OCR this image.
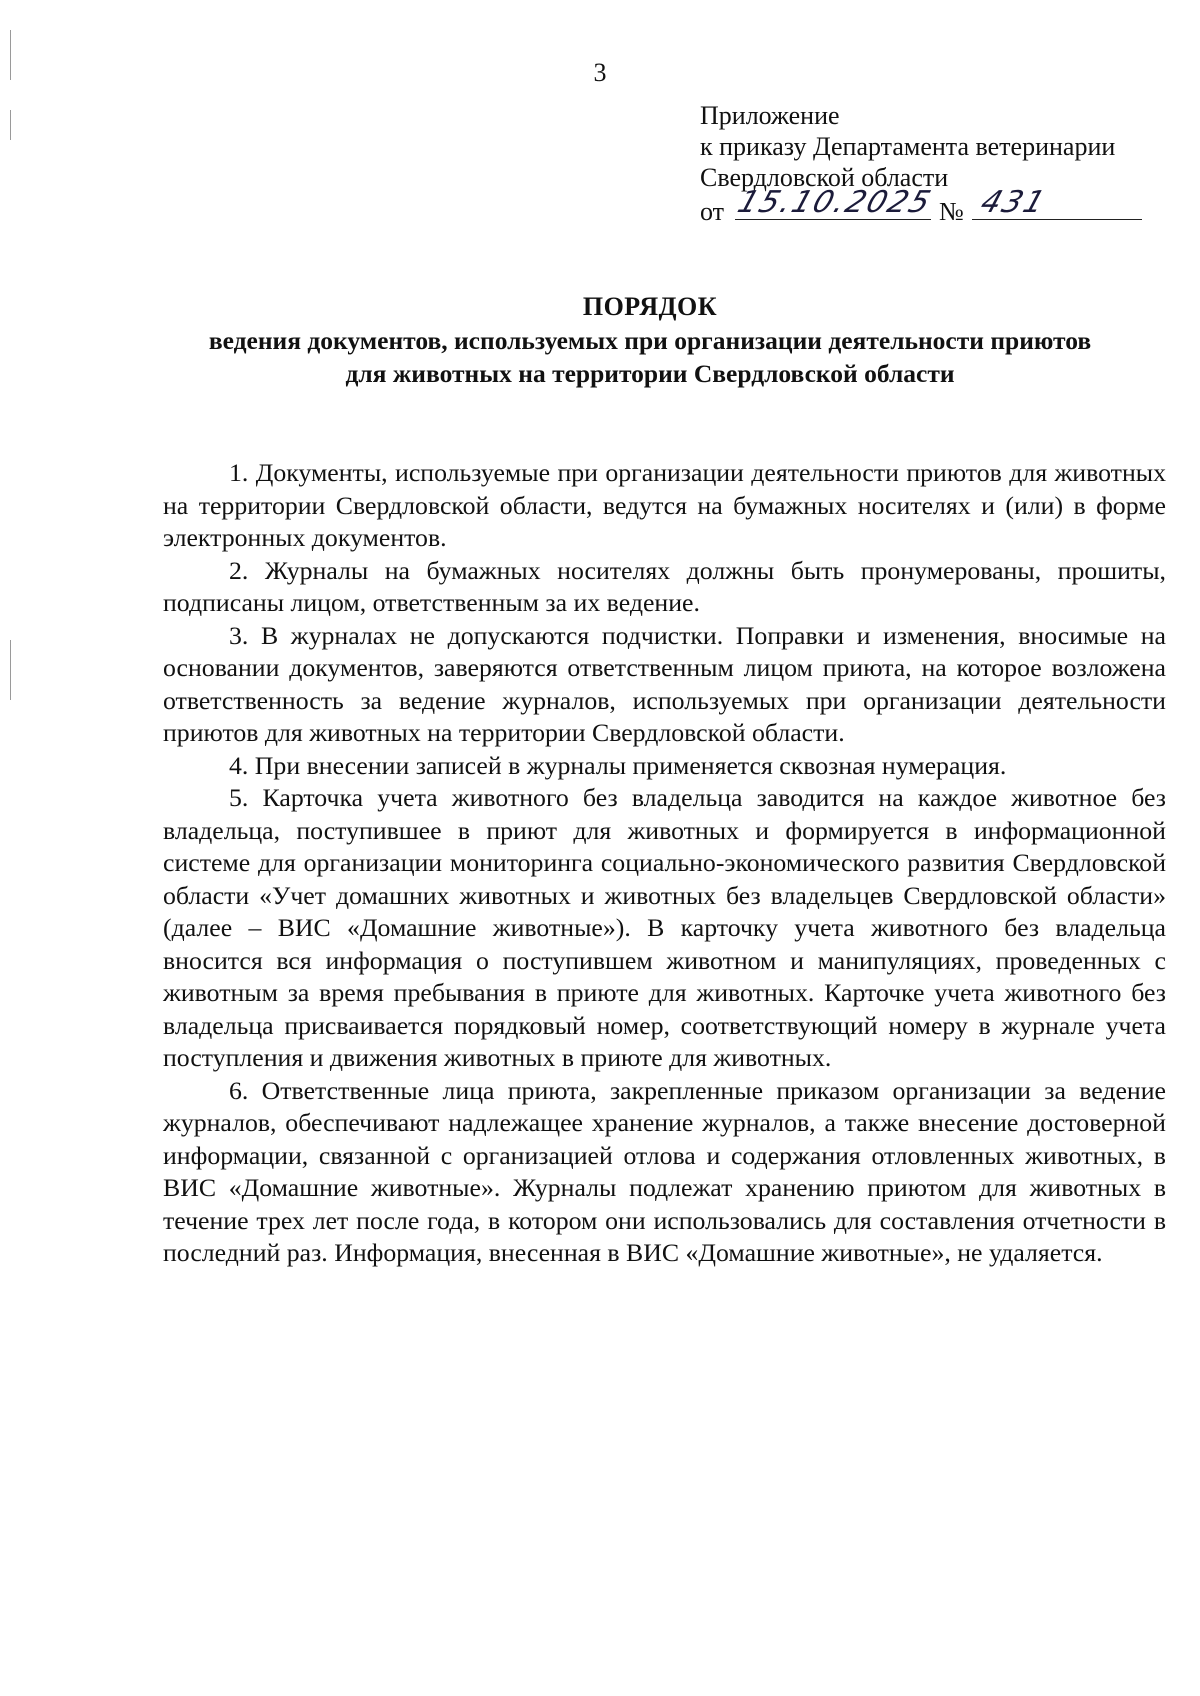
3
Приложение
к приказу Департамента ветеринарии
Свердловской области
от 15.10.2025 № 431
ПОРЯДОК
ведения документов, используемых при организации деятельности приютов
для животных на территории Свердловской области

1. Документы, используемые при организации деятельности приютов для животных на территории Свердловской области, ведутся на бумажных носителях и (или) в форме электронных документов.

2. Журналы на бумажных носителях должны быть пронумерованы, прошиты, подписаны лицом, ответственным за их ведение.

3. В журналах не допускаются подчистки. Поправки и изменения, вносимые на основании документов, заверяются ответственным лицом приюта, на которое возложена ответственность за ведение журналов, используемых при организации деятельности приютов для животных на территории Свердловской области.

4. При внесении записей в журналы применяется сквозная нумерация.

5. Карточка учета животного без владельца заводится на каждое животное без владельца, поступившее в приют для животных и формируется в информационной системе для организации мониторинга социально-экономического развития Свердловской области «Учет домашних животных и животных без владельцев Свердловской области» (далее – ВИС «Домашние животные»). В карточку учета животного без владельца вносится вся информация о поступившем животном и манипуляциях, проведенных с животным за время пребывания в приюте для животных. Карточке учета животного без владельца присваивается порядковый номер, соответствующий номеру в журнале учета поступления и движения животных в приюте для животных.

6. Ответственные лица приюта, закрепленные приказом организации за ведение журналов, обеспечивают надлежащее хранение журналов, а также внесение достоверной информации, связанной с организацией отлова и содержания отловленных животных, в ВИС «Домашние животные». Журналы подлежат хранению приютом для животных в течение трех лет после года, в котором они использовались для составления отчетности в последний раз. Информация, внесенная в ВИС «Домашние животные», не удаляется.
